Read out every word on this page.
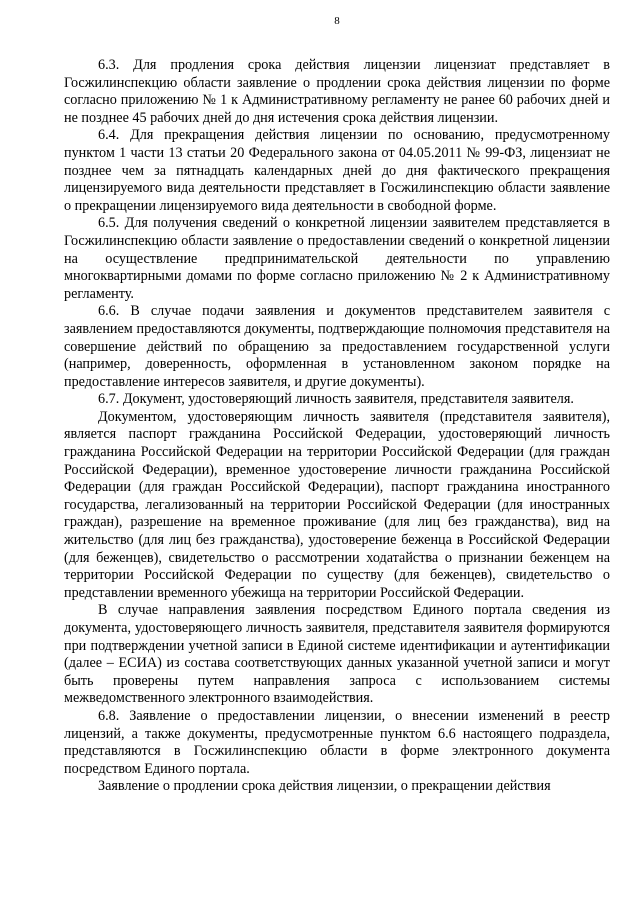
8

6.3. Для продления срока действия лицензии лицензиат представляет в Госжилинспекцию области заявление о продлении срока действия лицензии по форме согласно приложению № 1 к Административному регламенту не ранее 60 рабочих дней и не позднее 45 рабочих дней до дня истечения срока действия лицензии.

6.4. Для прекращения действия лицензии по основанию, предусмотренному пунктом 1 части 13 статьи 20 Федерального закона от 04.05.2011 № 99-ФЗ, лицензиат не позднее чем за пятнадцать календарных дней до дня фактического прекращения лицензируемого вида деятельности представляет в Госжилинспекцию области заявление о прекращении лицензируемого вида деятельности в свободной форме.

6.5. Для получения сведений о конкретной лицензии заявителем представляется в Госжилинспекцию области заявление о предоставлении сведений о конкретной лицензии на осуществление предпринимательской деятельности по управлению многоквартирными домами по форме согласно приложению № 2 к Административному регламенту.

6.6. В случае подачи заявления и документов представителем заявителя с заявлением предоставляются документы, подтверждающие полномочия представителя на совершение действий по обращению за предоставлением государственной услуги (например, доверенность, оформленная в установленном законом порядке на предоставление интересов заявителя, и другие документы).

6.7. Документ, удостоверяющий личность заявителя, представителя заявителя.

Документом, удостоверяющим личность заявителя (представителя заявителя), является паспорт гражданина Российской Федерации, удостоверяющий личность гражданина Российской Федерации на территории Российской Федерации (для граждан Российской Федерации), временное удостоверение личности гражданина Российской Федерации (для граждан Российской Федерации), паспорт гражданина иностранного государства, легализованный на территории Российской Федерации (для иностранных граждан), разрешение на временное проживание (для лиц без гражданства), вид на жительство (для лиц без гражданства), удостоверение беженца в Российской Федерации (для беженцев), свидетельство о рассмотрении ходатайства о признании беженцем на территории Российской Федерации по существу (для беженцев), свидетельство о представлении временного убежища на территории Российской Федерации.

В случае направления заявления посредством Единого портала сведения из документа, удостоверяющего личность заявителя, представителя заявителя формируются при подтверждении учетной записи в Единой системе идентификации и аутентификации (далее – ЕСИА) из состава соответствующих данных указанной учетной записи и могут быть проверены путем направления запроса с использованием системы межведомственного электронного взаимодействия.

6.8. Заявление о предоставлении лицензии, о внесении изменений в реестр лицензий, а также документы, предусмотренные пунктом 6.6 настоящего подраздела, представляются в Госжилинспекцию области в форме электронного документа посредством Единого портала.

Заявление о продлении срока действия лицензии, о прекращении действия
